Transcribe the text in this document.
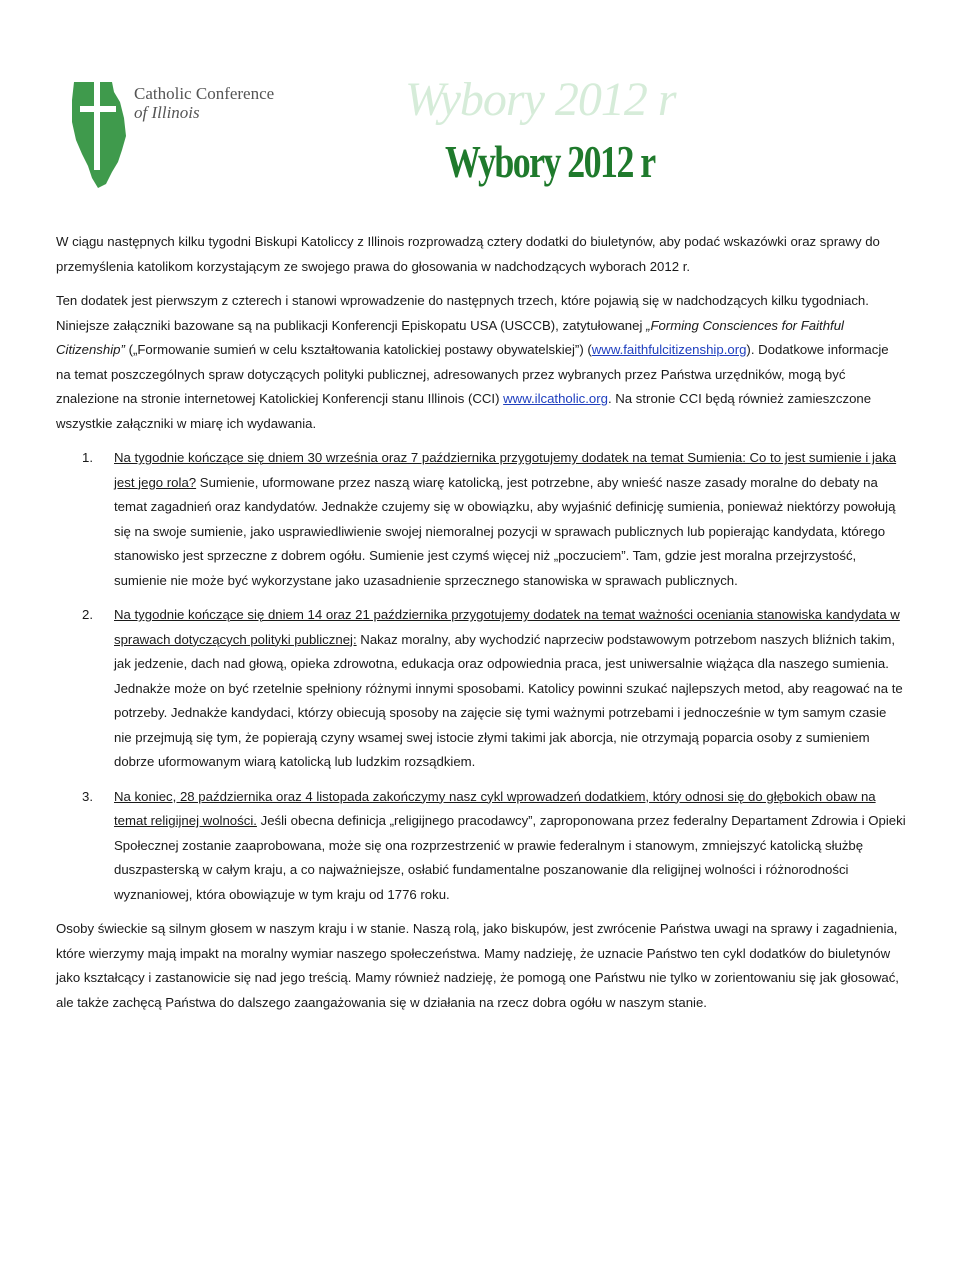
Catholic Conference
of Illinois	Wybory 2012 r
Wybory 2012 r

W ciągu następnych kilku tygodni Biskupi Katoliccy z Illinois rozprowadzą cztery dodatki do biuletynów, aby podać wskazówki oraz sprawy do przemyślenia katolikom korzystającym ze swojego prawa do głosowania w nadchodzących wyborach 2012 r.

Ten dodatek jest pierwszym z czterech i stanowi wprowadzenie do następnych trzech, które pojawią się w nadchodzących kilku tygodniach. Niniejsze załączniki bazowane są na publikacji Konferencji Episkopatu USA (USCCB), zatytułowanej „Forming Consciences for Faithful Citizenship” („Formowanie sumień w celu kształtowania katolickiej postawy obywatelskiej”) (www.faithfulcitizenship.org). Dodatkowe informacje na temat poszczególnych spraw dotyczących polityki publicznej, adresowanych przez wybranych przez Państwa urzędników, mogą być znalezione na stronie internetowej Katolickiej Konferencji stanu Illinois (CCI) www.ilcatholic.org. Na stronie CCI będą również zamieszczone wszystkie załączniki w miarę ich wydawania.

1. Na tygodnie kończące się dniem 30 września oraz 7 października przygotujemy dodatek na temat Sumienia: Co to jest sumienie i jaka jest jego rola? Sumienie, uformowane przez naszą wiarę katolicką, jest potrzebne, aby wnieść nasze zasady moralne do debaty na temat zagadnień oraz kandydatów. Jednakże czujemy się w obowiązku, aby wyjaśnić definicję sumienia, ponieważ niektórzy powołują się na swoje sumienie, jako usprawiedliwienie swojej niemoralnej pozycji w sprawach publicznych lub popierając kandydata, którego stanowisko jest sprzeczne z dobrem ogółu. Sumienie jest czymś więcej niż „poczuciem”. Tam, gdzie jest moralna przejrzystość, sumienie nie może być wykorzystane jako uzasadnienie sprzecznego stanowiska w sprawach publicznych.
2. Na tygodnie kończące się dniem 14 oraz 21 października przygotujemy dodatek na temat ważności oceniania stanowiska kandydata w sprawach dotyczących polityki publicznej: Nakaz moralny, aby wychodzić naprzeciw podstawowym potrzebom naszych bliźnich takim, jak jedzenie, dach nad głową, opieka zdrowotna, edukacja oraz odpowiednia praca, jest uniwersalnie wiążąca dla naszego sumienia. Jednakże może on być rzetelnie spełniony różnymi innymi sposobami. Katolicy powinni szukać najlepszych metod, aby reagować na te potrzeby. Jednakże kandydaci, którzy obiecują sposoby na zajęcie się tymi ważnymi potrzebami i jednocześnie w tym samym czasie nie przejmują się tym, że popierają czyny wsamej swej istocie złymi takimi jak aborcja, nie otrzymają poparcia osoby z sumieniem dobrze uformowanym wiarą katolicką lub ludzkim rozsądkiem.
3. Na koniec, 28 października oraz 4 listopada zakończymy nasz cykl wprowadzeń dodatkiem, który odnosi się do głębokich obaw na temat religijnej wolności. Jeśli obecna definicja „religijnego pracodawcy”, zaproponowana przez federalny Departament Zdrowia i Opieki Społecznej zostanie zaaprobowana, może się ona rozprzestrzenić w prawie federalnym i stanowym, zmniejszyć katolicką służbę duszpasterską w całym kraju, a co najważniejsze, osłabić fundamentalne poszanowanie dla religijnej wolności i różnorodności wyznaniowej, która obowiązuje w tym kraju od 1776 roku.

Osoby świeckie są silnym głosem w naszym kraju i w stanie. Naszą rolą, jako biskupów, jest zwrócenie Państwa uwagi na sprawy i zagadnienia, które wierzymy mają impakt na moralny wymiar naszego społeczeństwa. Mamy nadzieję, że uznacie Państwo ten cykl dodatków do biuletynów jako kształcący i zastanowicie się nad jego treścią. Mamy również nadzieję, że pomogą one Państwu nie tylko w zorientowaniu się jak głosować, ale także zachęcą Państwa do dalszego zaangażowania się w działania na rzecz dobra ogółu w naszym stanie.
